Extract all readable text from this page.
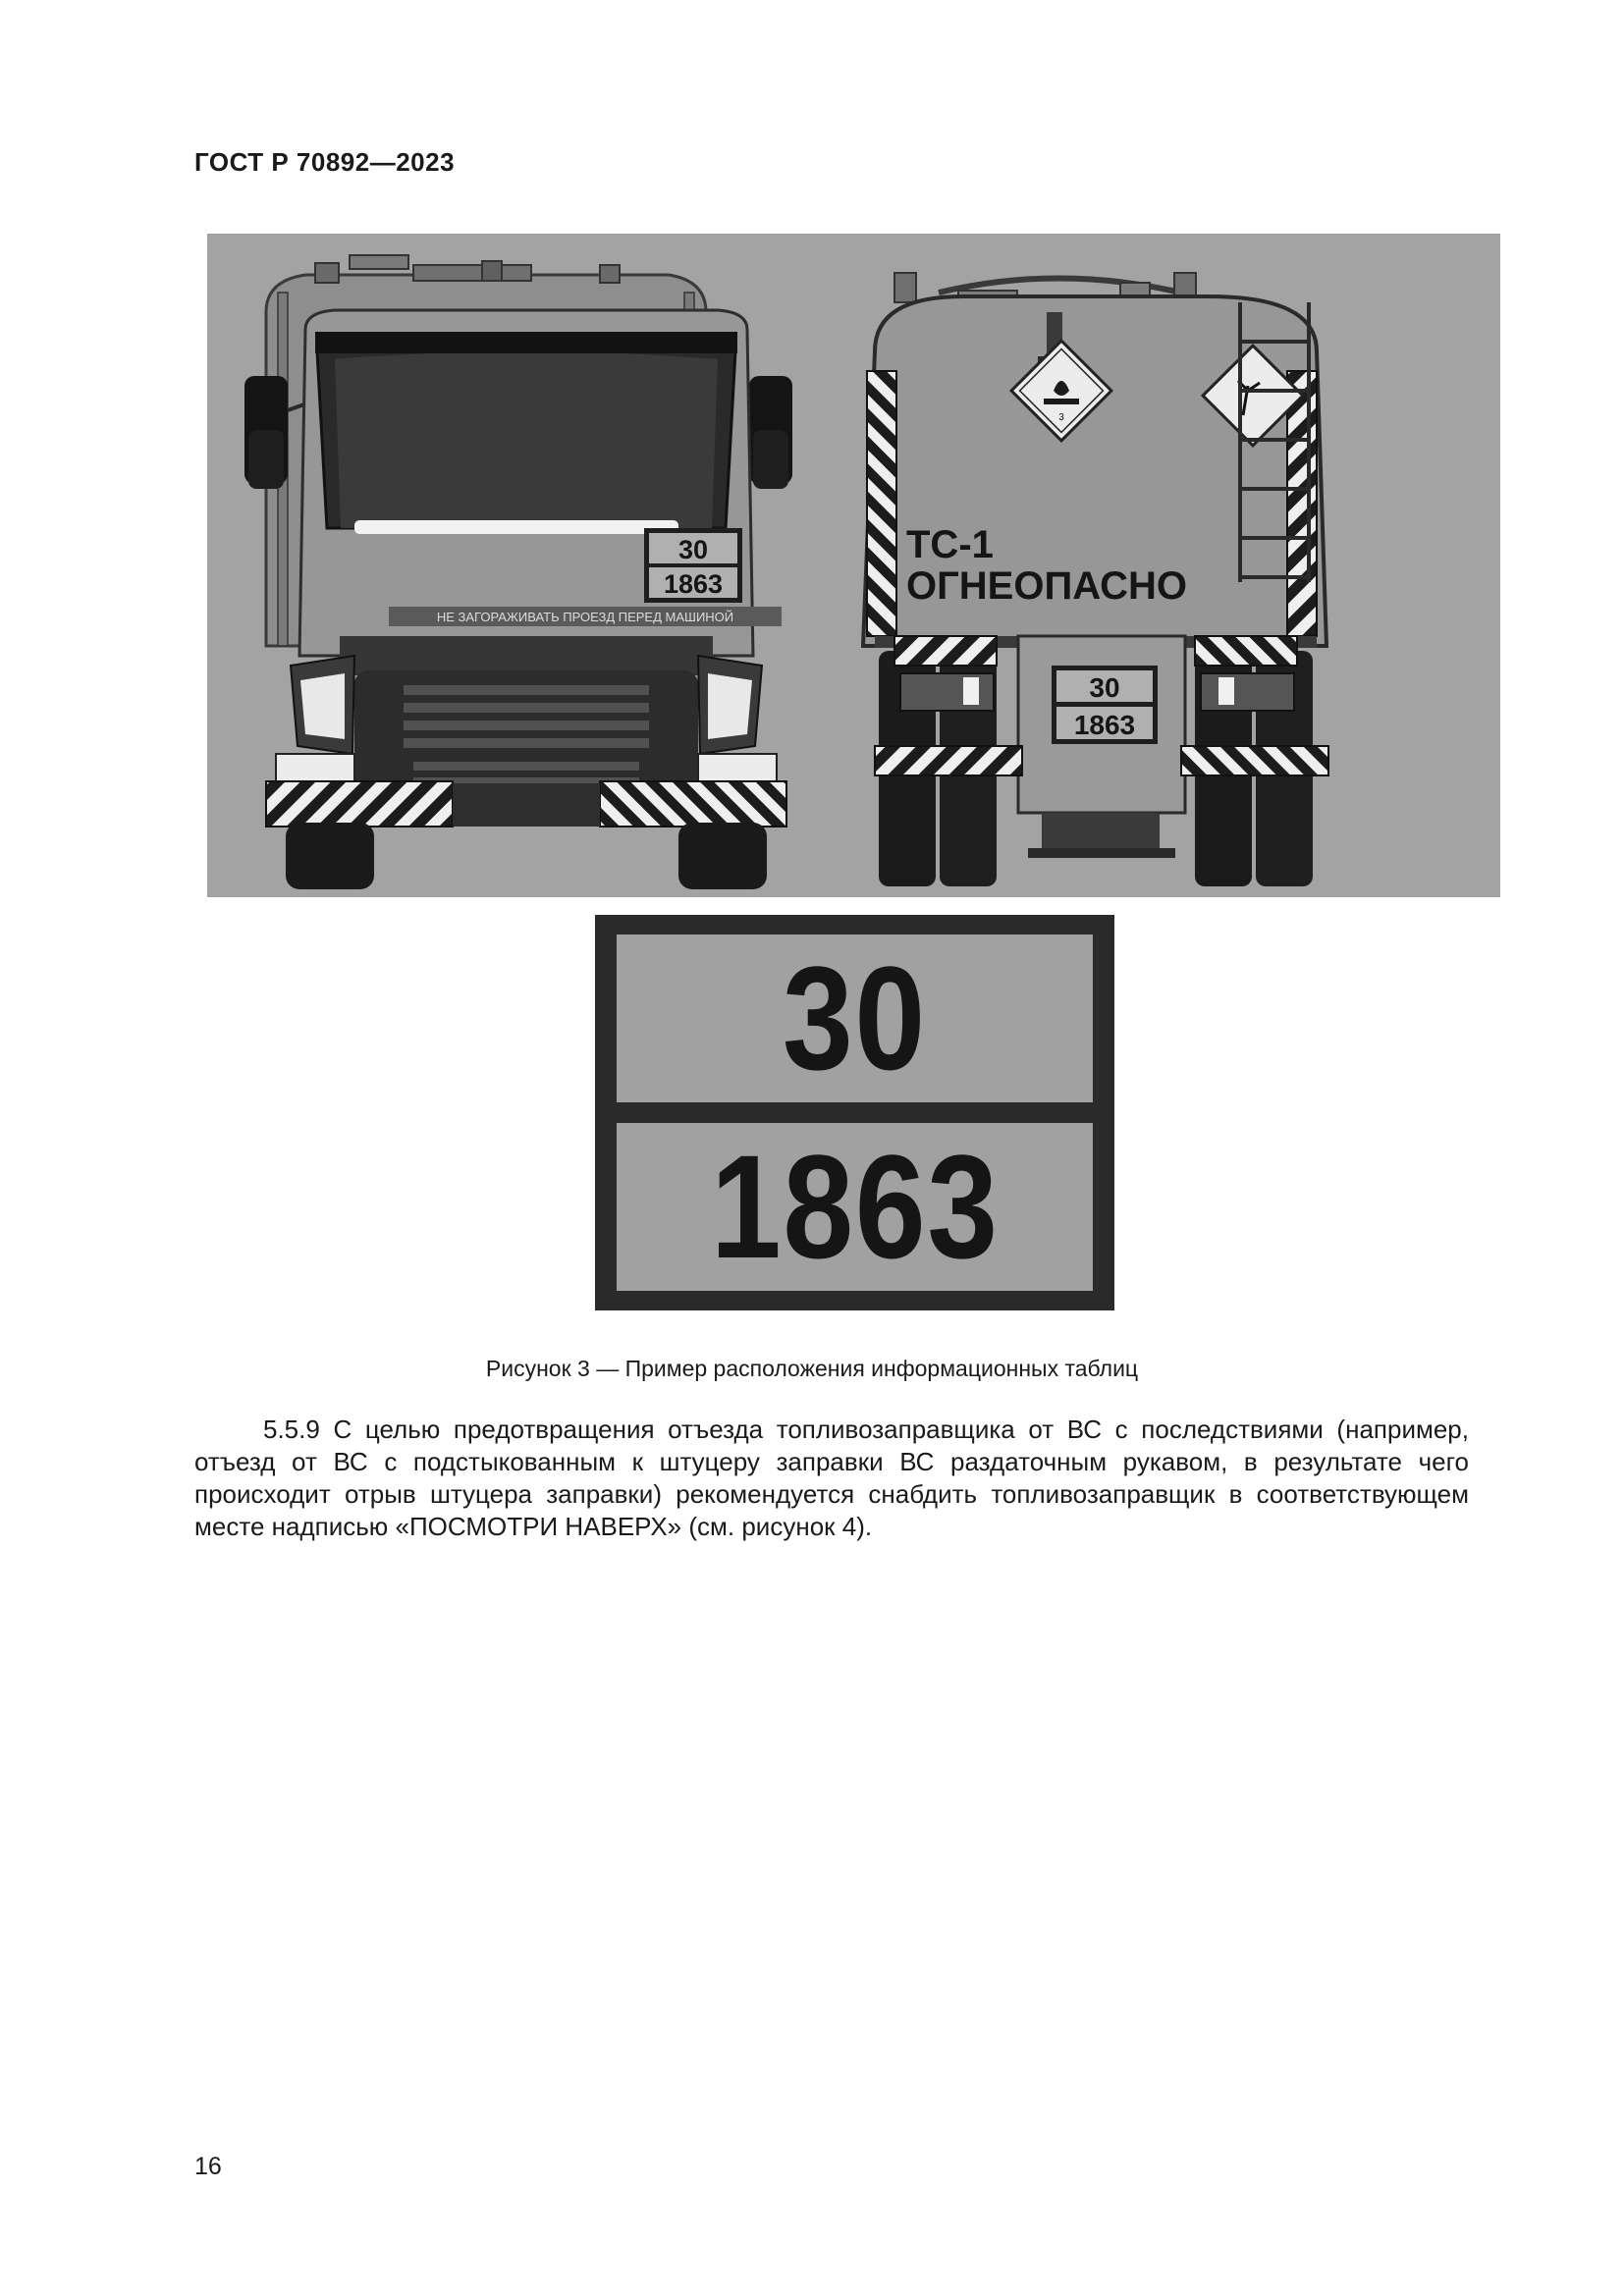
ГОСТ Р 70892—2023
30
1863
НЕ ЗАГОРАЖИВАТЬ ПРОЕЗД ПЕРЕД МАШИНОЙ
3
ТС-1
ОГНЕОПАСНО
30
1863
30
1863
Рисунок 3 — Пример расположения информационных таблиц

5.5.9 С целью предотвращения отъезда топливозаправщика от ВС с последствиями (например, отъезд от ВС с подстыкованным к штуцеру заправки ВС раздаточным рукавом, в результате чего происходит отрыв штуцера заправки) рекомендуется снабдить топливозаправщик в соответствующем месте надписью «ПОСМОТРИ НАВЕРХ» (см. рисунок 4).

16
